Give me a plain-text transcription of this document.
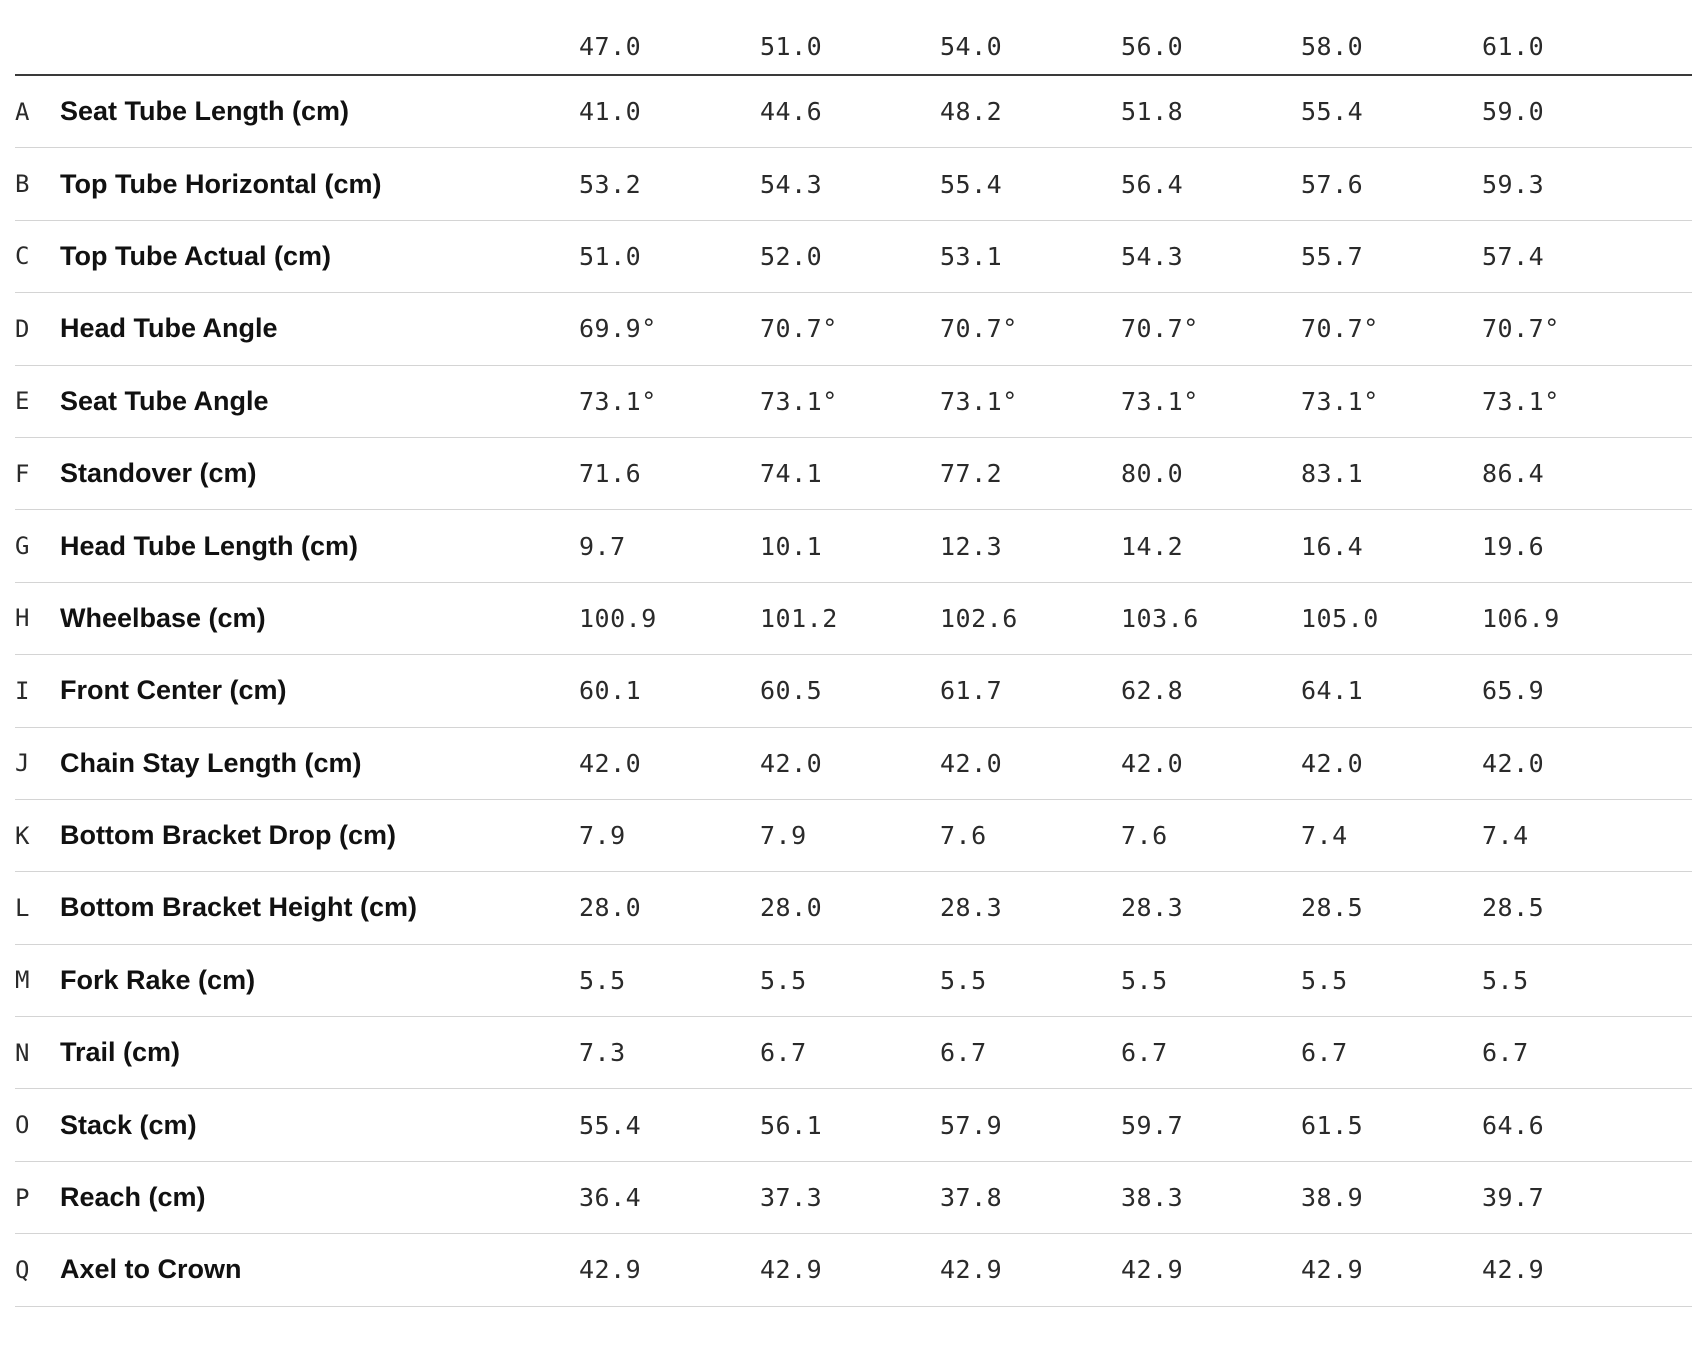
47.0	51.0	54.0	56.0	58.0	61.0
A Seat Tube Length (cm)	41.0	44.6	48.2	51.8	55.4	59.0
B Top Tube Horizontal (cm)	53.2	54.3	55.4	56.4	57.6	59.3
C Top Tube Actual (cm)	51.0	52.0	53.1	54.3	55.7	57.4
D Head Tube Angle	69.9°	70.7°	70.7°	70.7°	70.7°	70.7°
E Seat Tube Angle	73.1°	73.1°	73.1°	73.1°	73.1°	73.1°
F Standover (cm)	71.6	74.1	77.2	80.0	83.1	86.4
G Head Tube Length (cm)	9.7	10.1	12.3	14.2	16.4	19.6
H Wheelbase (cm)	100.9	101.2	102.6	103.6	105.0	106.9
I Front Center (cm)	60.1	60.5	61.7	62.8	64.1	65.9
J Chain Stay Length (cm)	42.0	42.0	42.0	42.0	42.0	42.0
K Bottom Bracket Drop (cm)	7.9	7.9	7.6	7.6	7.4	7.4
L Bottom Bracket Height (cm)	28.0	28.0	28.3	28.3	28.5	28.5
M Fork Rake (cm)	5.5	5.5	5.5	5.5	5.5	5.5
N Trail (cm)	7.3	6.7	6.7	6.7	6.7	6.7
O Stack (cm)	55.4	56.1	57.9	59.7	61.5	64.6
P Reach (cm)	36.4	37.3	37.8	38.3	38.9	39.7
Q Axel to Crown	42.9	42.9	42.9	42.9	42.9	42.9
